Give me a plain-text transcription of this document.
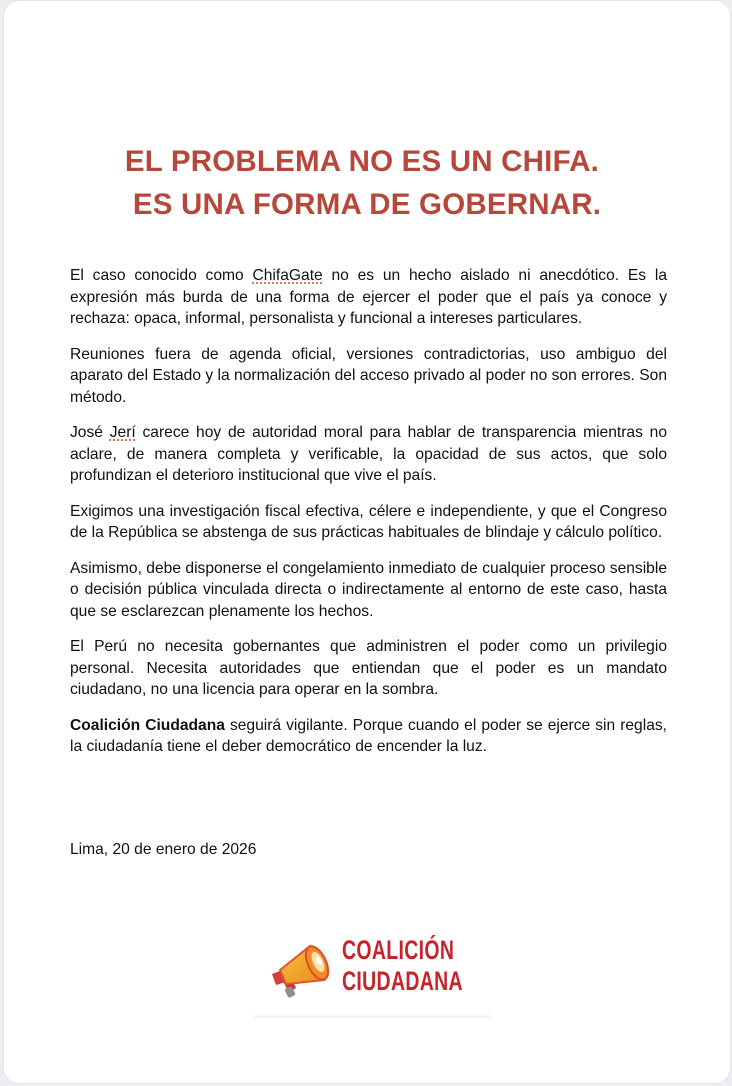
EL PROBLEMA NO ES UN CHIFA.
ES UNA FORMA DE GOBERNAR.

El caso conocido como ChifaGate no es un hecho aislado ni anecdótico. Es la expresión más burda de una forma de ejercer el poder que el país ya conoce y rechaza: opaca, informal, personalista y funcional a intereses particulares.

Reuniones fuera de agenda oficial, versiones contradictorias, uso ambiguo del aparato del Estado y la normalización del acceso privado al poder no son errores. Son método.

José Jerí carece hoy de autoridad moral para hablar de transparencia mientras no aclare, de manera completa y verificable, la opacidad de sus actos, que solo profundizan el deterioro institucional que vive el país.

Exigimos una investigación fiscal efectiva, célere e independiente, y que el Congreso de la República se abstenga de sus prácticas habituales de blindaje y cálculo político.

Asimismo, debe disponerse el congelamiento inmediato de cualquier proceso sensible o decisión pública vinculada directa o indirectamente al entorno de este caso, hasta que se esclarezcan plenamente los hechos.

El Perú no necesita gobernantes que administren el poder como un privilegio personal. Necesita autoridades que entiendan que el poder es un mandato ciudadano, no una licencia para operar en la sombra.

Coalición Ciudadana seguirá vigilante. Porque cuando el poder se ejerce sin reglas, la ciudadanía tiene el deber democrático de encender la luz.

Lima, 20 de enero de 2026
COALICIÓN
CIUDADANA
